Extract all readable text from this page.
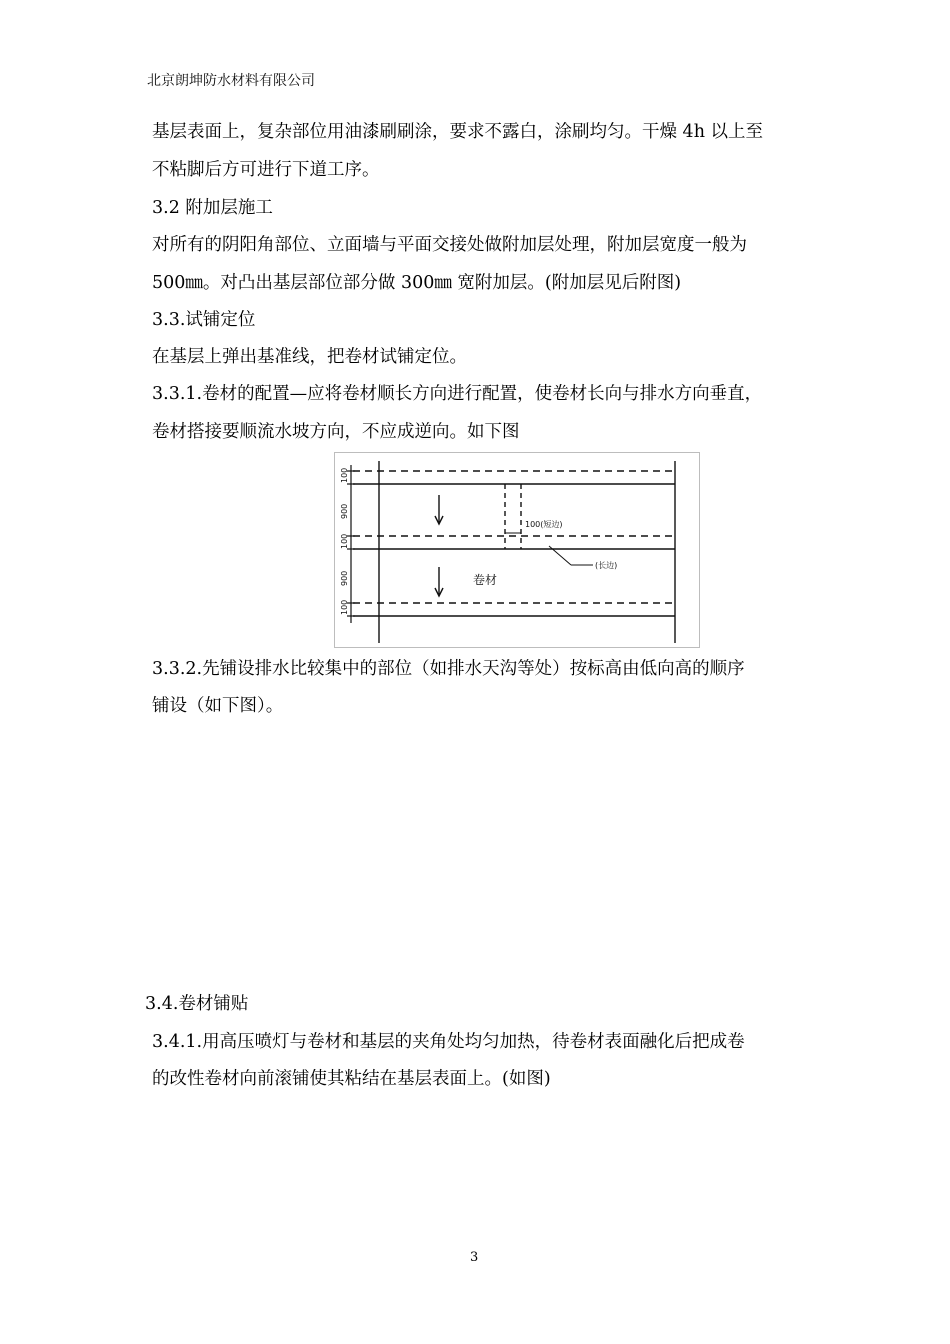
北京朗坤防水材料有限公司
基层表面上，复杂部位用油漆刷刷涂，要求不露白，涂刷均匀。干燥 4h 以上至
不粘脚后方可进行下道工序。
3.2 附加层施工
对所有的阴阳角部位、立面墙与平面交接处做附加层处理，附加层宽度一般为
500㎜。对凸出基层部位部分做 300㎜ 宽附加层。(附加层见后附图)
3.3.试铺定位
在基层上弹出基准线，把卷材试铺定位。
3.3.1.卷材的配置—应将卷材顺长方向进行配置，使卷材长向与排水方向垂直，
卷材搭接要顺流水坡方向，不应成逆向。如下图
100
900
100
900
100
100(短边)
(长边)
卷材
3.3.2.先铺设排水比较集中的部位（如排水天沟等处）按标高由低向高的顺序
铺设（如下图）。
3.4.卷材铺贴
3.4.1.用高压喷灯与卷材和基层的夹角处均匀加热，待卷材表面融化后把成卷
的改性卷材向前滚铺使其粘结在基层表面上。(如图)
3
